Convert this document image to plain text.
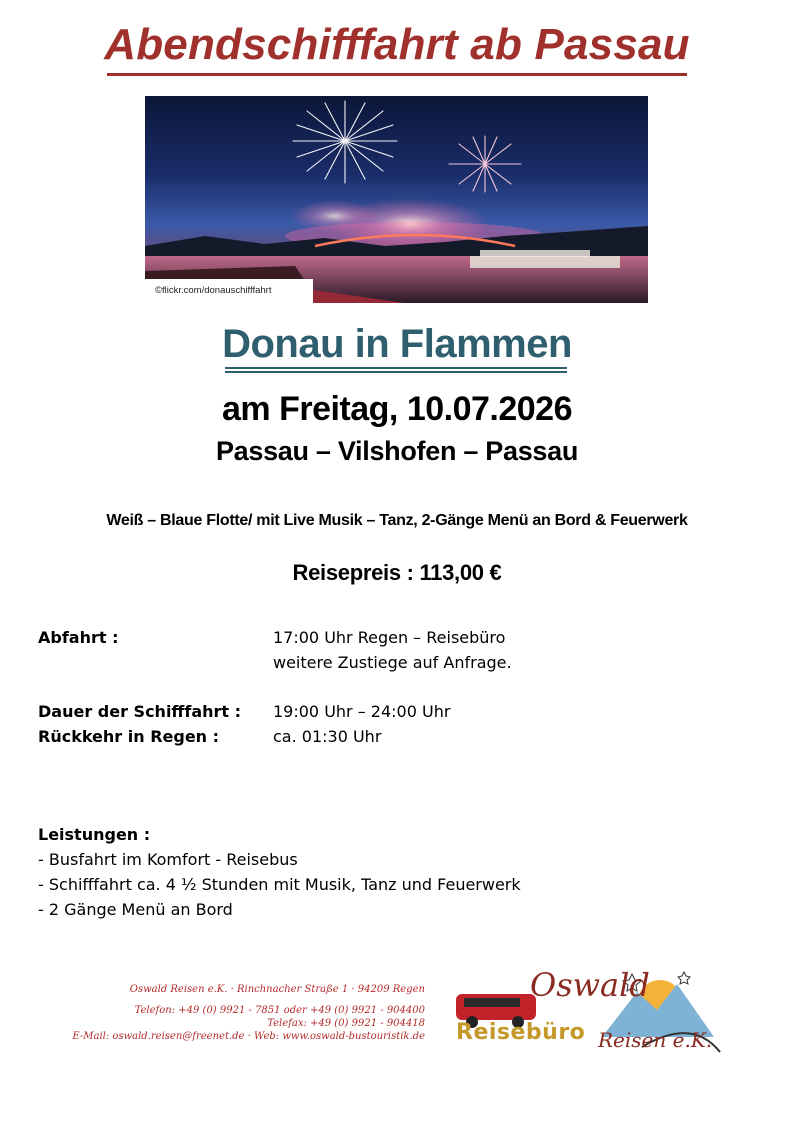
Abendschifffahrt ab Passau
©flickr.com/donauschifffahrt
Donau in Flammen
am Freitag, 10.07.2026
Passau – Vilshofen – Passau
Weiß – Blaue Flotte/ mit Live Musik – Tanz, 2-Gänge Menü an Bord & Feuerwerk
Reisepreis : 113,00 €
Abfahrt :	17:00 Uhr Regen – Reisebüro
weitere Zustiege auf Anfrage.
Dauer der Schifffahrt : 19:00 Uhr – 24:00 Uhr
Rückkehr in Regen :	ca. 01:30 Uhr
Leistungen :
- Busfahrt im Komfort - Reisebus
- Schifffahrt ca. 4 ½ Stunden mit Musik, Tanz und Feuerwerk
- 2 Gänge Menü an Bord
Oswald Reisen e.K. · Rinchnacher Straße 1 · 94209 Regen
Telefon: +49 (0) 9921 - 7851 oder +49 (0) 9921 - 904400
Telefax: +49 (0) 9921 - 904418
E-Mail: oswald.reisen@freenet.de · Web: www.oswald-bustouristik.de
Oswald
Reisebüro Reisen e.K.
